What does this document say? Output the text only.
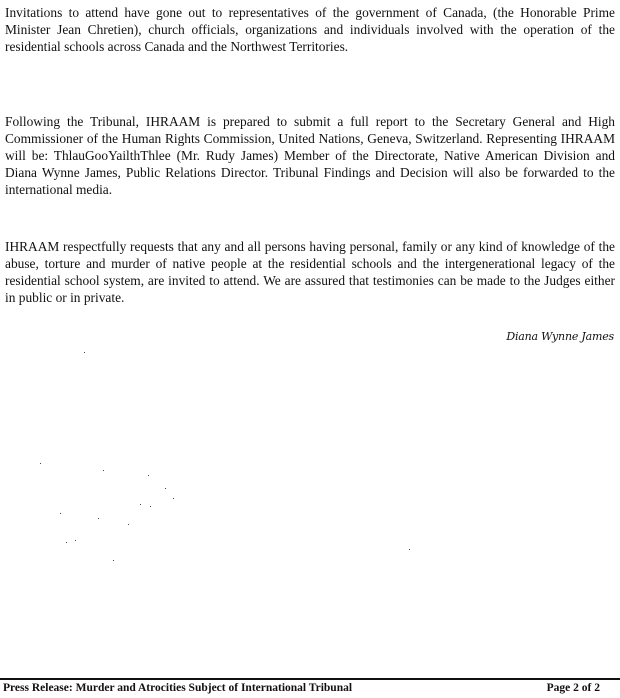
Invitations to attend have gone out to representatives of the government of Canada, (the Honorable Prime Minister Jean Chretien), church officials, organizations and individuals involved with the operation of the residential schools across Canada and the Northwest Territories.

Following the Tribunal, IHRAAM is prepared to submit a full report to the Secretary General and High Commissioner of the Human Rights Commission, United Nations, Geneva, Switzerland. Representing IHRAAM will be: ThlauGooYailthThlee (Mr. Rudy James) Member of the Directorate, Native American Division and Diana Wynne James, Public Relations Director. Tribunal Findings and Decision will also be forwarded to the international media.

IHRAAM respectfully requests that any and all persons having personal, family or any kind of knowledge of the abuse, torture and murder of native people at the residential schools and the intergenerational legacy of the residential school system, are invited to attend. We are assured that testimonies can be made to the Judges either in public or in private.

Diana Wynne James
Press Release: Murder and Atrocities Subject of International Tribunal	Page 2 of 2
